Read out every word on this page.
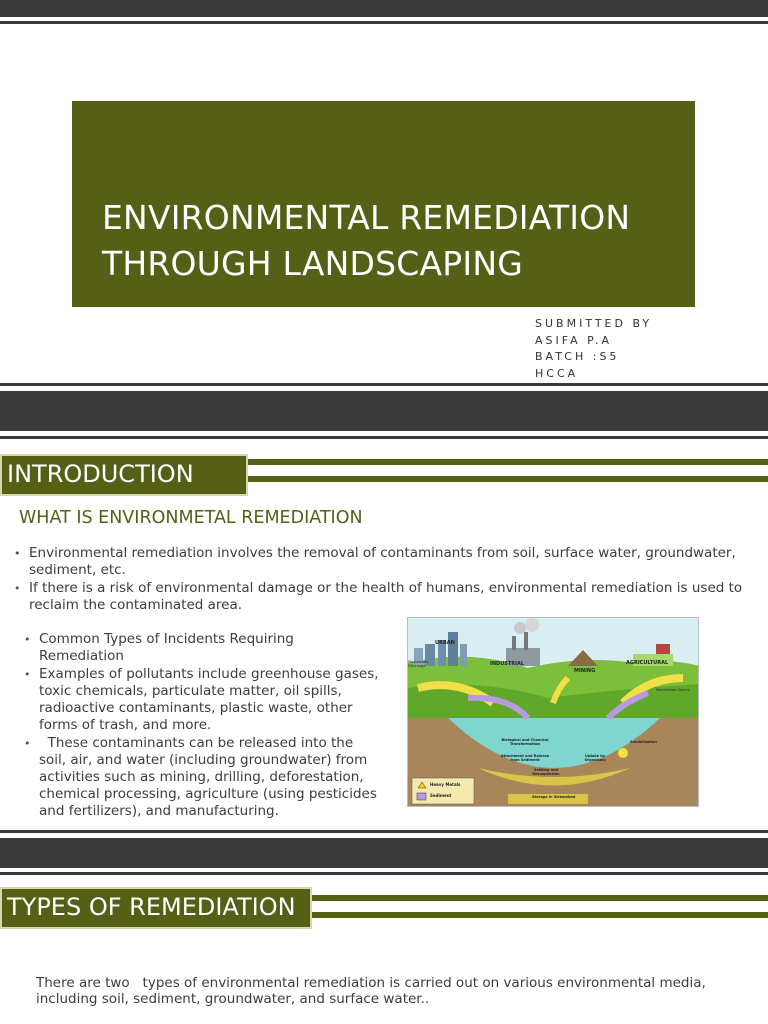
ENVIRONMENTAL REMEDIATION
THROUGH LANDSCAPING
SUBMITTED BY
ASIFA P.A
BATCH :S5
HCCA
INTRODUCTION
WHAT IS ENVIRONMETAL REMEDIATION
• Environmental remediation involves the removal of contaminants from soil, surface water, groundwater, sediment, etc.
• If there is a risk of environmental damage or the health of humans, environmental remediation is used to reclaim the contaminated area.
• Common Types of Incidents Requiring Remediation
• Examples of pollutants include greenhouse gases, toxic chemicals, particulate matter, oil spills, radioactive contaminants, plastic waste, other forms of trash, and more.
• These contaminants can be released into the soil, air, and water (including groundwater) from activities such as mining, drilling, deforestation, chemical processing, agriculture (using pesticides and fertilizers), and manufacturing.
URBAN
Wastewater Discharge	INDUSTRIAL
MINING
AGRICULTURAL
Fertilization Source
Biological and Chemical Transformation
Attachment and Release from Sediment
Uptake by Organisms
Solubilization
Settling and Resuspension
Storage in Streambed
Heavy Metals
Sediment
TYPES OF REMEDIATION
There are two   types of environmental remediation is carried out on various environmental media, including soil, sediment, groundwater, and surface water..
